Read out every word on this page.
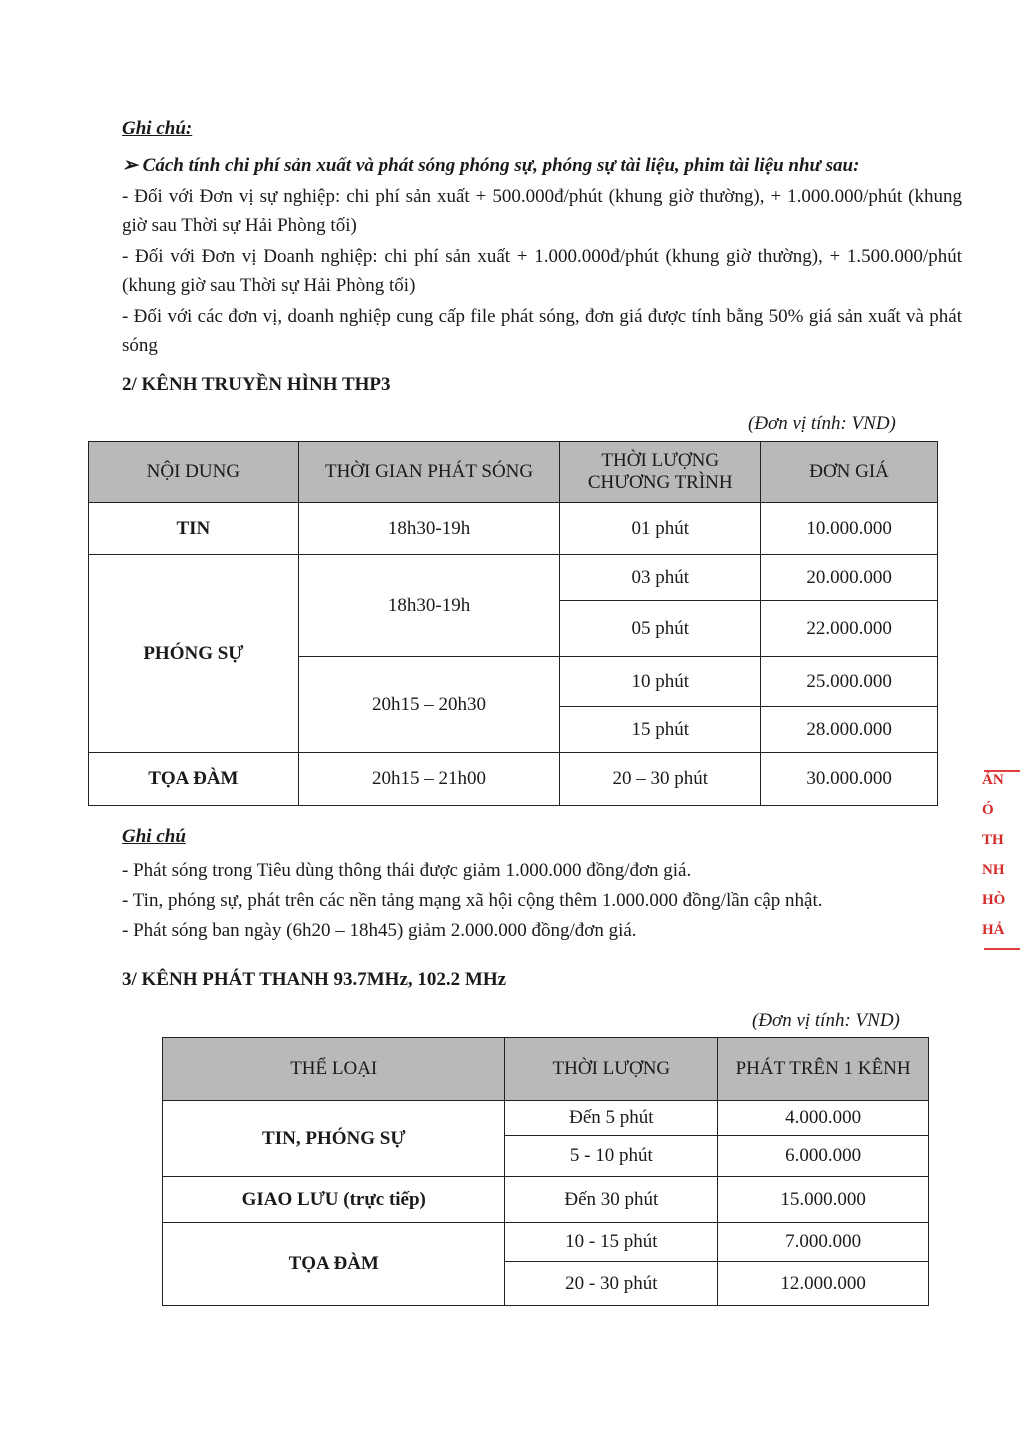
Ghi chú:
➢ Cách tính chi phí sản xuất và phát sóng phóng sự, phóng sự tài liệu, phim tài liệu như sau:
- Đối với Đơn vị sự nghiệp: chi phí sản xuất + 500.000đ/phút (khung giờ thường), + 1.000.000/phút (khung giờ sau Thời sự Hải Phòng tối)
- Đối với Đơn vị Doanh nghiệp: chi phí sản xuất + 1.000.000đ/phút (khung giờ thường), + 1.500.000/phút (khung giờ sau Thời sự Hải Phòng tối)
- Đối với các đơn vị, doanh nghiệp cung cấp file phát sóng, đơn giá được tính bằng 50% giá sản xuất và phát sóng
2/ KÊNH TRUYỀN HÌNH THP3
(Đơn vị tính: VND)
NỘI DUNG	THỜI GIAN PHÁT SÓNG	THỜI LƯỢNG CHƯƠNG TRÌNH	ĐƠN GIÁ
TIN	18h30-19h	01 phút	10.000.000
PHÓNG SỰ	18h30-19h	03 phút	20.000.000
		05 phút	22.000.000
	20h15 – 20h30	10 phút	25.000.000
		15 phút	28.000.000
TỌA ĐÀM	20h15 – 21h00	20 – 30 phút	30.000.000
Ghi chú
- Phát sóng trong Tiêu dùng thông thái được giảm 1.000.000 đồng/đơn giá.
- Tin, phóng sự, phát trên các nền tảng mạng xã hội cộng thêm 1.000.000 đồng/lần cập nhật.
- Phát sóng ban ngày (6h20 – 18h45) giảm 2.000.000 đồng/đơn giá.
3/ KÊNH PHÁT THANH 93.7MHz, 102.2 MHz
(Đơn vị tính: VND)
THỂ LOẠI	THỜI LƯỢNG	PHÁT TRÊN 1 KÊNH
TIN, PHÓNG SỰ	Đến 5 phút	4.000.000
	5 - 10 phút	6.000.000
GIAO LƯU (trực tiếp)	Đến 30 phút	15.000.000
TỌA ĐÀM	10 - 15 phút	7.000.000
	20 - 30 phút	12.000.000
ẢN
Ó
TH
NH
HÒ
HẢ
